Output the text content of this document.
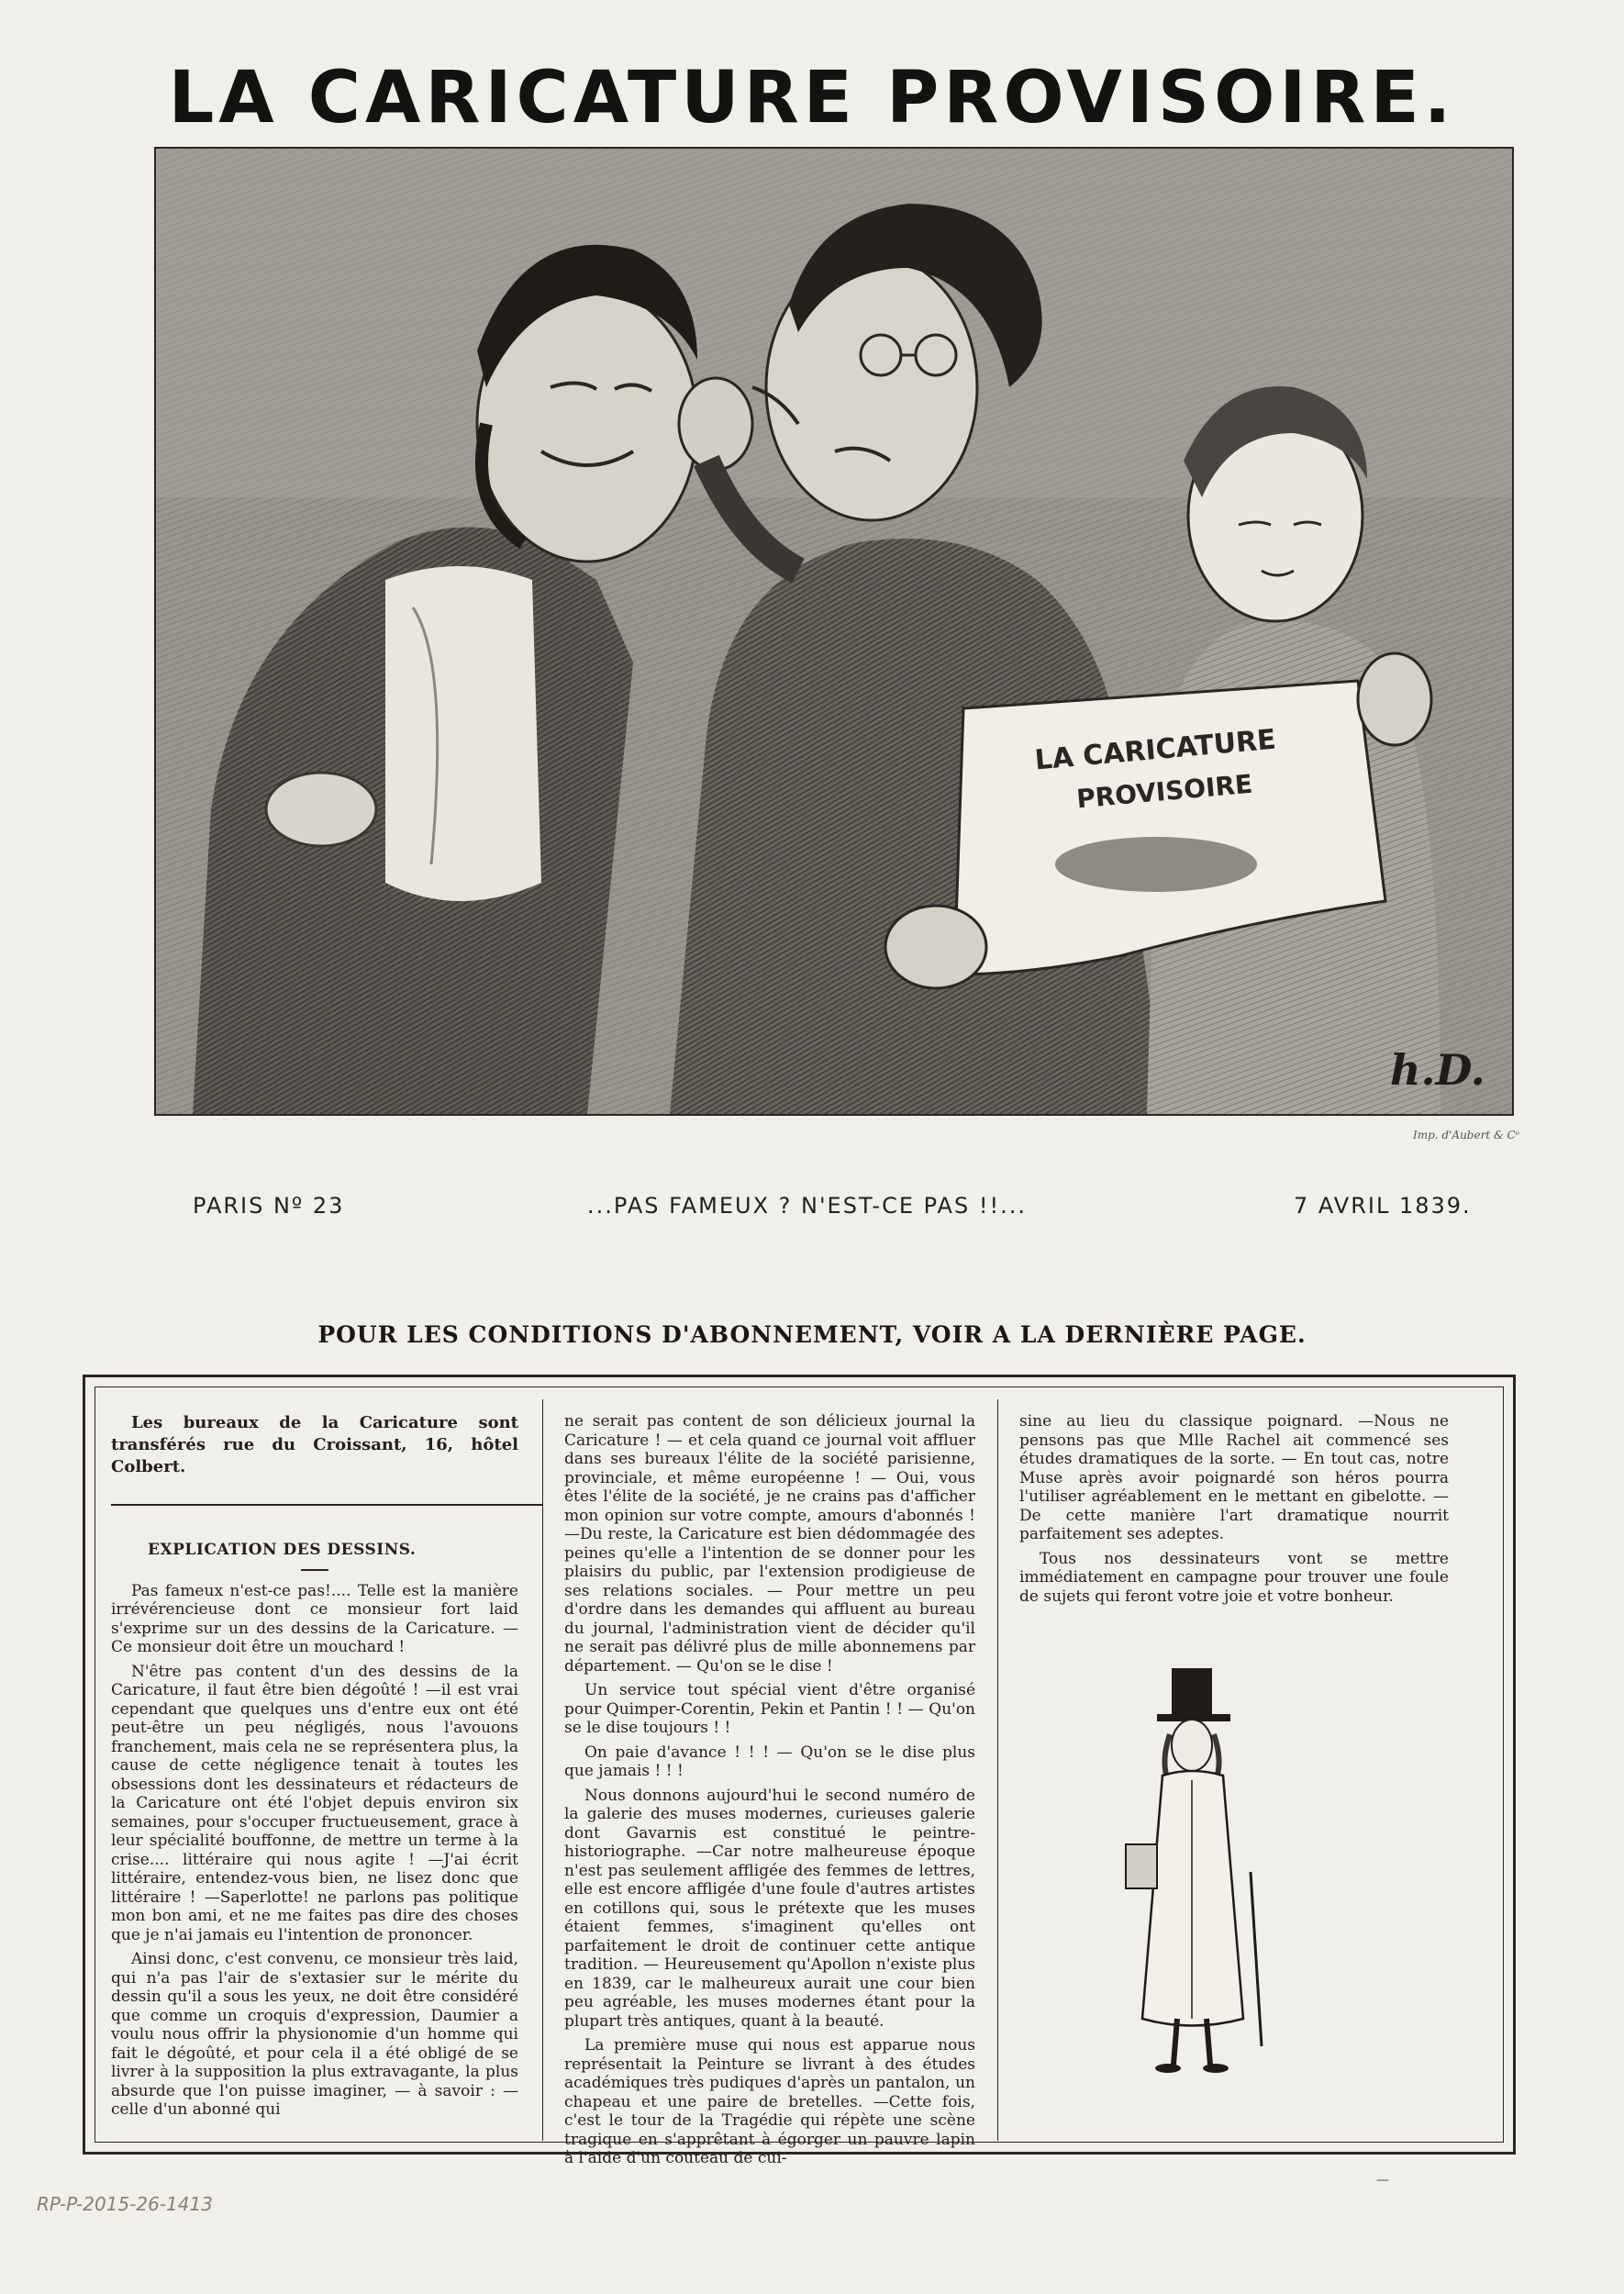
LA CARICATURE PROVISOIRE.
LA CARICATURE
PROVISOIRE
h.D.
Imp. d'Aubert & Cᵉ
PARIS Nº 23	...PAS FAMEUX ? N'EST-CE PAS !!...	7 AVRIL 1839.
POUR LES CONDITIONS D'ABONNEMENT, VOIR A LA DERNIÈRE PAGE.
Les bureaux de la Caricature sont transférés rue du Croissant, 16, hôtel Colbert.
EXPLICATION DES DESSINS.

Pas fameux n'est-ce pas!.... Telle est la manière irrévérencieuse dont ce monsieur fort laid s'exprime sur un des dessins de la Caricature. — Ce monsieur doit être un mouchard !

N'être pas content d'un des dessins de la Caricature, il faut être bien dégoûté ! —il est vrai cependant que quelques uns d'entre eux ont été peut-être un peu négligés, nous l'avouons franchement, mais cela ne se représentera plus, la cause de cette négligence tenait à toutes les obsessions dont les dessinateurs et rédacteurs de la Caricature ont été l'objet depuis environ six semaines, pour s'occuper fructueusement, grace à leur spécialité bouffonne, de mettre un terme à la crise.... littéraire qui nous agite ! —J'ai écrit littéraire, entendez-vous bien, ne lisez donc que littéraire ! —Saperlotte! ne parlons pas politique mon bon ami, et ne me faites pas dire des choses que je n'ai jamais eu l'intention de prononcer.

Ainsi donc, c'est convenu, ce monsieur très laid, qui n'a pas l'air de s'extasier sur le mérite du dessin qu'il a sous les yeux, ne doit être considéré que comme un croquis d'expression, Daumier a voulu nous offrir la physionomie d'un homme qui fait le dégoûté, et pour cela il a été obligé de se livrer à la supposition la plus extravagante, la plus absurde que l'on puisse imaginer, — à savoir : — celle d'un abonné qui

ne serait pas content de son délicieux journal la Caricature ! — et cela quand ce journal voit affluer dans ses bureaux l'élite de la société parisienne, provinciale, et même européenne ! — Oui, vous êtes l'élite de la société, je ne crains pas d'afficher mon opinion sur votre compte, amours d'abonnés ! —Du reste, la Caricature est bien dédommagée des peines qu'elle a l'intention de se donner pour les plaisirs du public, par l'extension prodigieuse de ses relations sociales. — Pour mettre un peu d'ordre dans les demandes qui affluent au bureau du journal, l'administration vient de décider qu'il ne serait pas délivré plus de mille abonnemens par département. — Qu'on se le dise !

Un service tout spécial vient d'être organisé pour Quimper-Corentin, Pekin et Pantin ! ! — Qu'on se le dise toujours ! !

On paie d'avance ! ! ! — Qu'on se le dise plus que jamais ! ! !

Nous donnons aujourd'hui le second numéro de la galerie des muses modernes, curieuses galerie dont Gavarnis est constitué le peintre-historiographe. —Car notre malheureuse époque n'est pas seulement affligée des femmes de lettres, elle est encore affligée d'une foule d'autres artistes en cotillons qui, sous le prétexte que les muses étaient femmes, s'imaginent qu'elles ont parfaitement le droit de continuer cette antique tradition. — Heureusement qu'Apollon n'existe plus en 1839, car le malheureux aurait une cour bien peu agréable, les muses modernes étant pour la plupart très antiques, quant à la beauté.

La première muse qui nous est apparue nous représentait la Peinture se livrant à des études académiques très pudiques d'après un pantalon, un chapeau et une paire de bretelles. —Cette fois, c'est le tour de la Tragédie qui répète une scène tragique en s'apprêtant à égorger un pauvre lapin à l'aide d'un couteau de cui-

sine au lieu du classique poignard. —Nous ne pensons pas que Mlle Rachel ait commencé ses études dramatiques de la sorte. — En tout cas, notre Muse après avoir poignardé son héros pourra l'utiliser agréablement en le mettant en gibelotte. — De cette manière l'art dramatique nourrit parfaitement ses adeptes.

Tous nos dessinateurs vont se mettre immédiatement en campagne pour trouver une foule de sujets qui feront votre joie et votre bonheur.

RP-P-2015-26-1413
—
